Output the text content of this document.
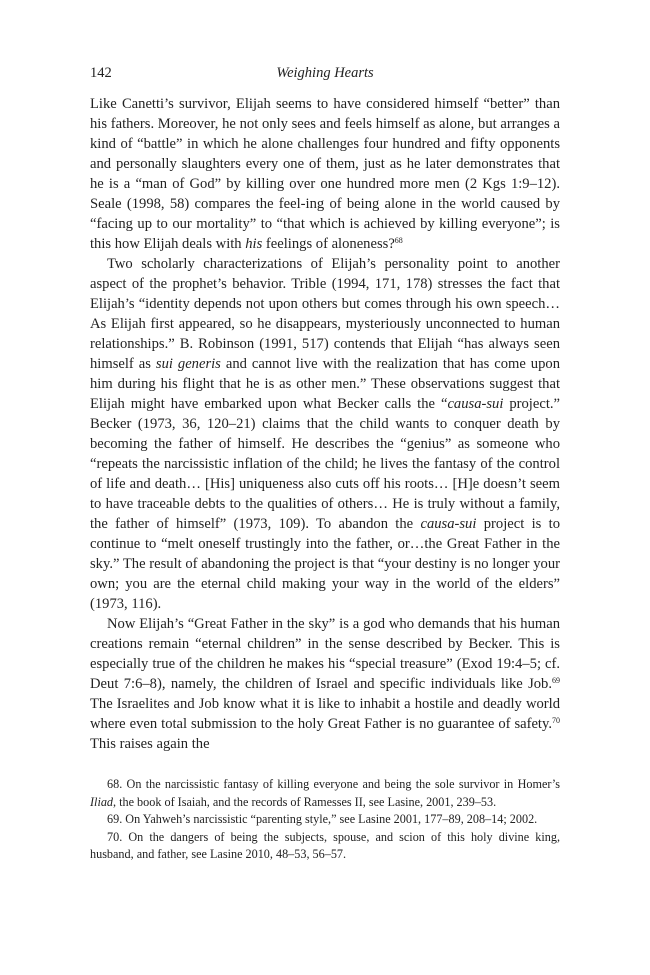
142	Weighing Hearts

Like Canetti’s survivor, Elijah seems to have considered himself “better” than his fathers. Moreover, he not only sees and feels himself as alone, but arranges a kind of “battle” in which he alone challenges four hundred and fifty opponents and personally slaughters every one of them, just as he later demonstrates that he is a “man of God” by killing over one hundred more men (2 Kgs 1:9–12). Seale (1998, 58) compares the feel-ing of being alone in the world caused by “facing up to our mortality” to “that which is achieved by killing everyone”; is this how Elijah deals with his feelings of aloneness?$^{68}$

Two scholarly characterizations of Elijah’s personality point to another aspect of the prophet’s behavior. Trible (1994, 171, 178) stresses the fact that Elijah’s “identity depends not upon others but comes through his own speech… As Elijah first appeared, so he disappears, mysteriously unconnected to human relationships.” B. Robinson (1991, 517) contends that Elijah “has always seen himself as sui generis and cannot live with the realization that has come upon him during his flight that he is as other men.” These observations suggest that Elijah might have embarked upon what Becker calls the “causa-sui project.” Becker (1973, 36, 120–21) claims that the child wants to conquer death by becoming the father of himself. He describes the “genius” as someone who “repeats the narcissistic inflation of the child; he lives the fantasy of the control of life and death… [His] uniqueness also cuts off his roots… [H]e doesn’t seem to have traceable debts to the qualities of others… He is truly without a family, the father of himself” (1973, 109). To abandon the causa-sui project is to continue to “melt oneself trustingly into the father, or…the Great Father in the sky.” The result of abandoning the project is that “your destiny is no longer your own; you are the eternal child making your way in the world of the elders” (1973, 116).

Now Elijah’s “Great Father in the sky” is a god who demands that his human creations remain “eternal children” in the sense described by Becker. This is especially true of the children he makes his “special treasure” (Exod 19:4–5; cf. Deut 7:6–8), namely, the children of Israel and specific individuals like Job.$^{69}$ The Israelites and Job know what it is like to inhabit a hostile and deadly world where even total submission to the holy Great Father is no guarantee of safety.$^{70}$ This raises again the

68. On the narcissistic fantasy of killing everyone and being the sole survivor in Homer’s Iliad, the book of Isaiah, and the records of Ramesses II, see Lasine, 2001, 239–53.

69. On Yahweh’s narcissistic “parenting style,” see Lasine 2001, 177–89, 208–14; 2002.

70. On the dangers of being the subjects, spouse, and scion of this holy divine king, husband, and father, see Lasine 2010, 48–53, 56–57.
